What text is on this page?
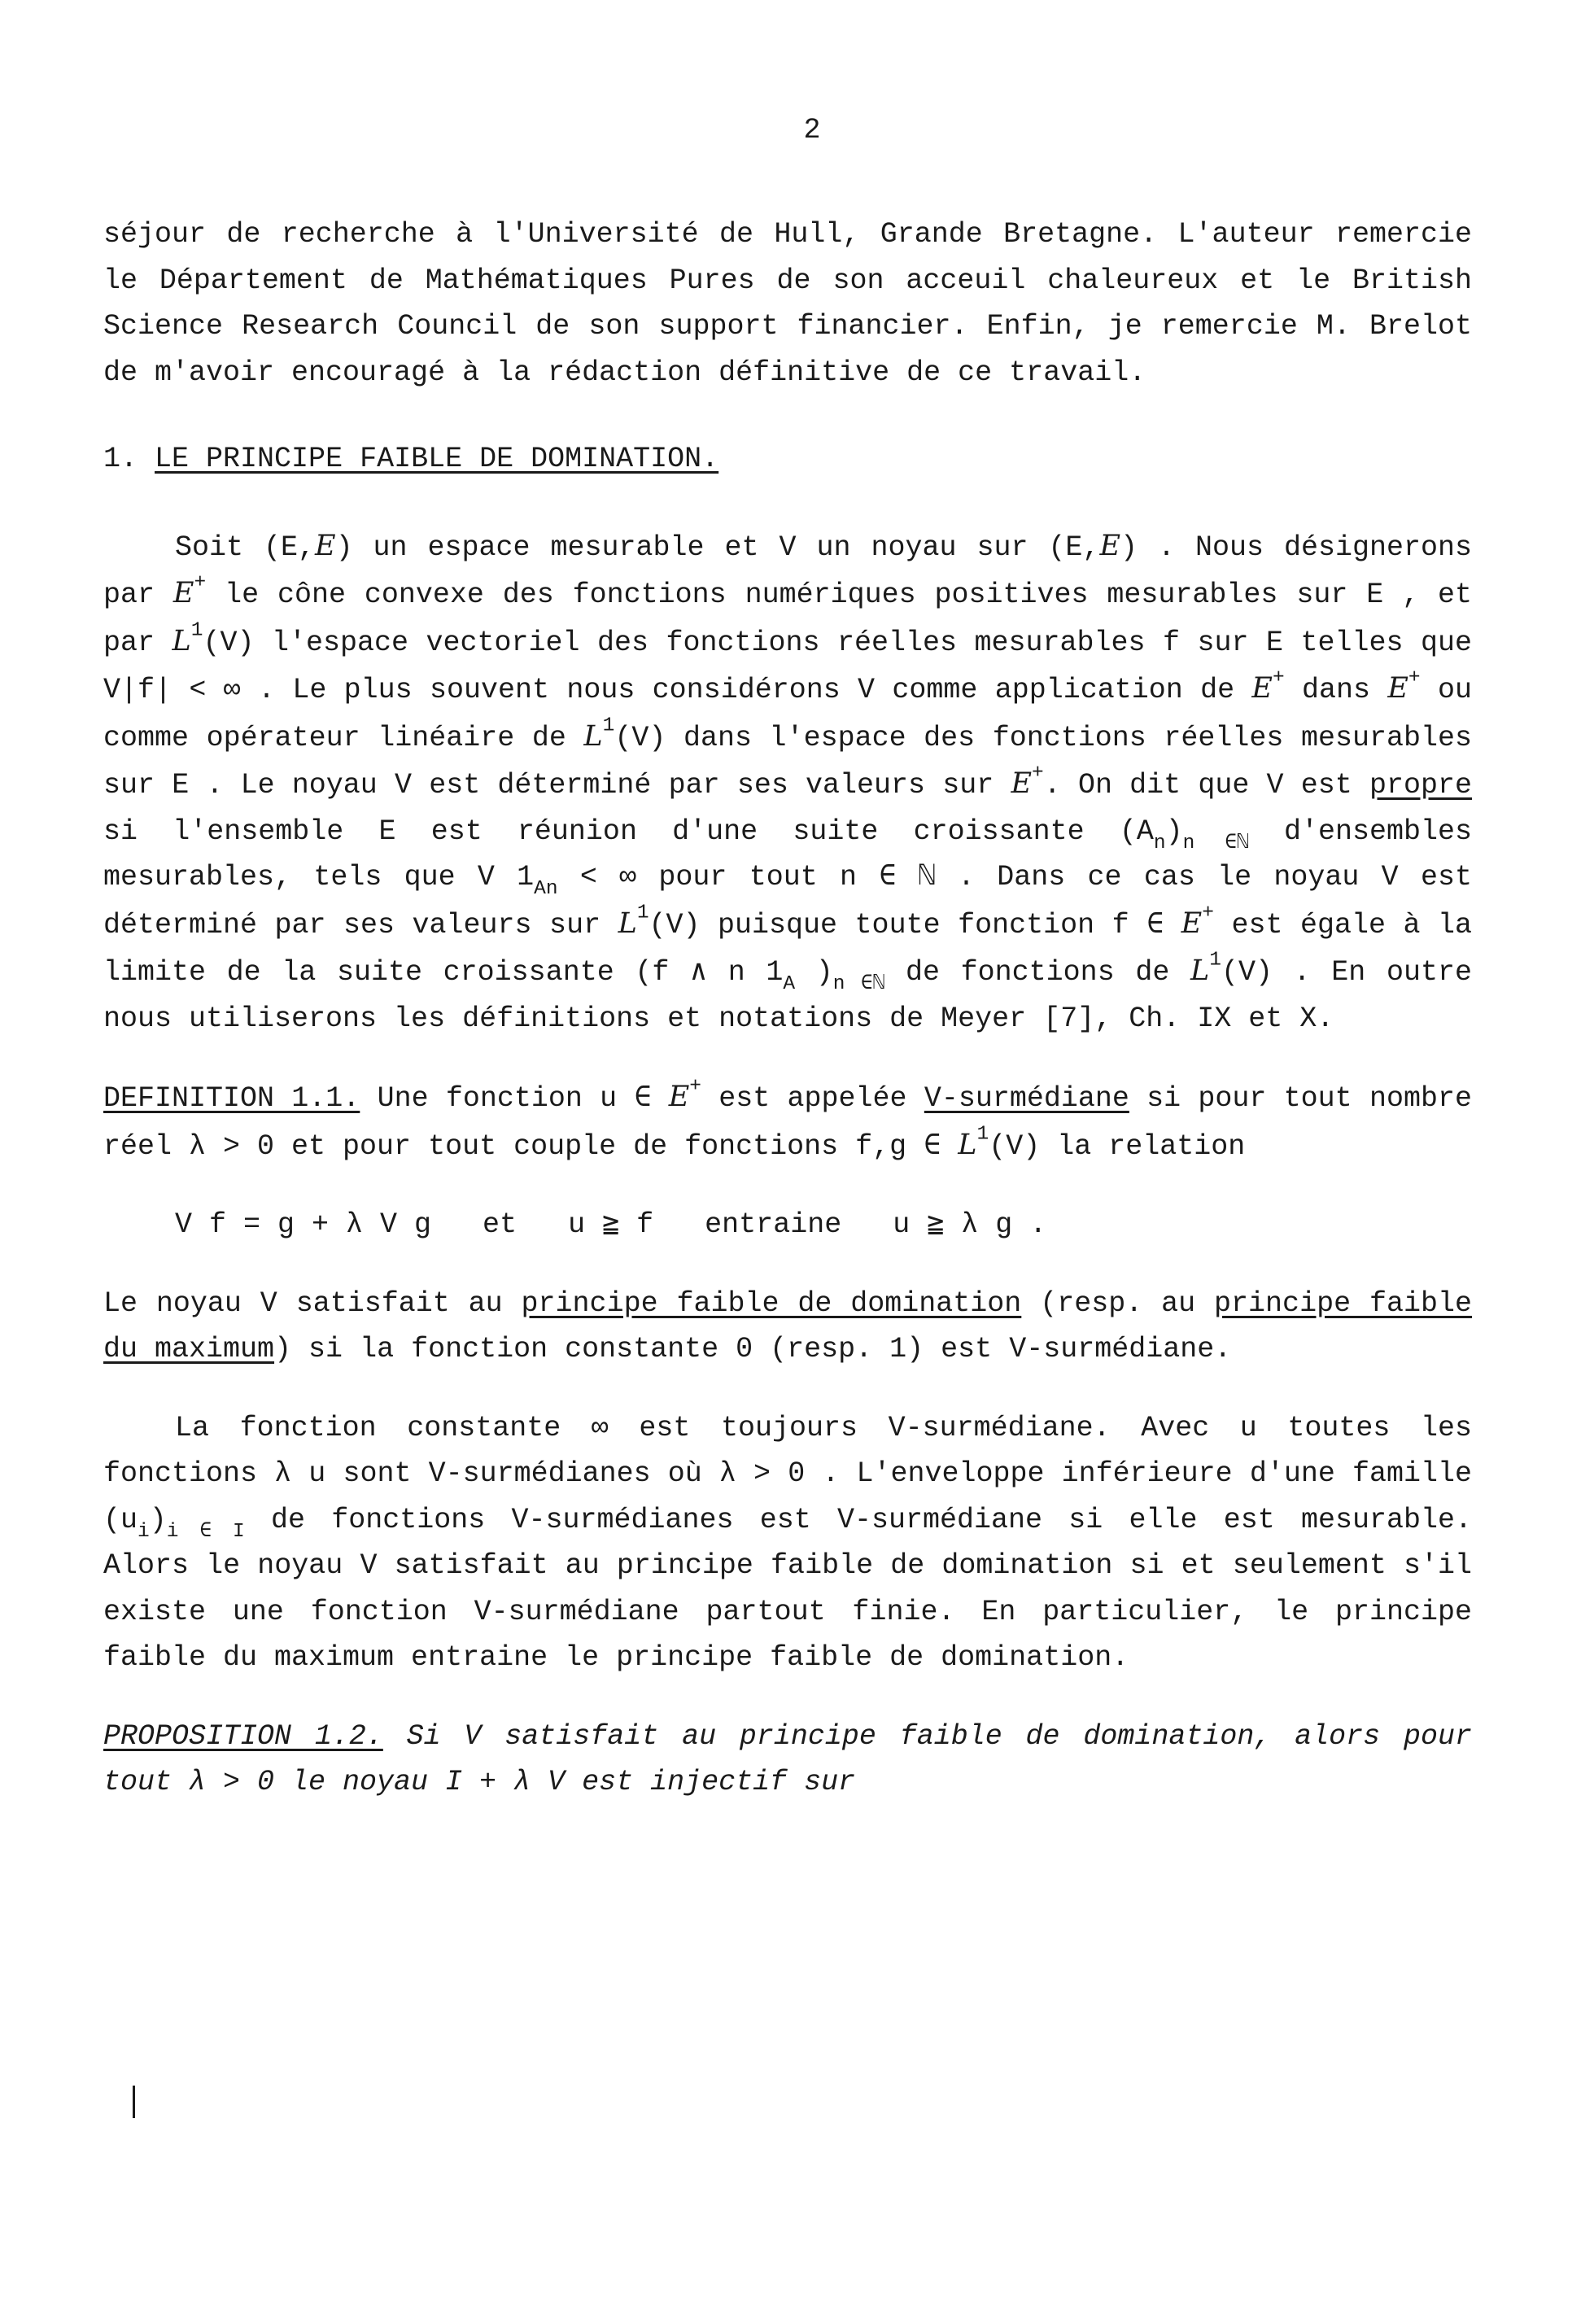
2

séjour de recherche à l'Université de Hull, Grande Bretagne. L'auteur remercie le Département de Mathématiques Pures de son acceuil chaleureux et le British Science Research Council de son support financier. Enfin, je remercie M. Brelot de m'avoir encouragé à la rédaction définitive de ce travail.

1. LE PRINCIPE FAIBLE DE DOMINATION.

Soit (E,E) un espace mesurable et V un noyau sur (E,E) . Nous désignerons par E+ le cône convexe des fonctions numériques positives mesurables sur E , et par $L^1(V)$ l'espace vectoriel des fonctions réelles mesurables f sur E telles que V|f| < ∞ . Le plus souvent nous considérons V comme application de E+ dans E+ ou comme opérateur linéaire de $L^1(V)$ dans l'espace des fonctions réelles mesurables sur E . Le noyau V est déterminé par ses valeurs sur E+. On dit que V est propre si l'ensemble E est réunion d'une suite croissante $(A_n)_{n \in ℕ}$ d'ensembles mesurables, tels que V $1_{An}$ < ∞ pour tout n ∈ ℕ . Dans ce cas le noyau V est déterminé par ses valeurs sur $L^1(V)$ puisque toute fonction f ∈ E+ est égale à la limite de la suite croissante (f ∧ n $1_A$ )$_{n \in ℕ}$ de fonctions de $L^1(V)$ . En outre nous utiliserons les définitions et notations de Meyer [7], Ch. IX et X.

DEFINITION 1.1. Une fonction u ∈ E+ est appelée V-surmédiane si pour tout nombre réel λ > 0 et pour tout couple de fonctions f,g ∈ $L^1(V)$ la relation

V f = g + λ V g   et   u ≧ f   entraine   u ≧ λ g .

Le noyau V satisfait au principe faible de domination (resp. au principe faible du maximum) si la fonction constante 0 (resp. 1) est V-surmédiane.

La fonction constante ∞ est toujours V-surmédiane. Avec u toutes les fonctions λ u sont V-surmédianes où λ > 0 . L'enveloppe inférieure d'une famille $(u_i)_{i \in I}$ de fonctions V-surmédianes est V-surmédiane si elle est mesurable. Alors le noyau V satisfait au principe faible de domination si et seulement s'il existe une fonction V-surmédiane partout finie. En particulier, le principe faible du maximum entraine le principe faible de domination.

PROPOSITION 1.2. Si V satisfait au principe faible de domination, alors pour tout λ > 0 le noyau I + λ V est injectif sur
